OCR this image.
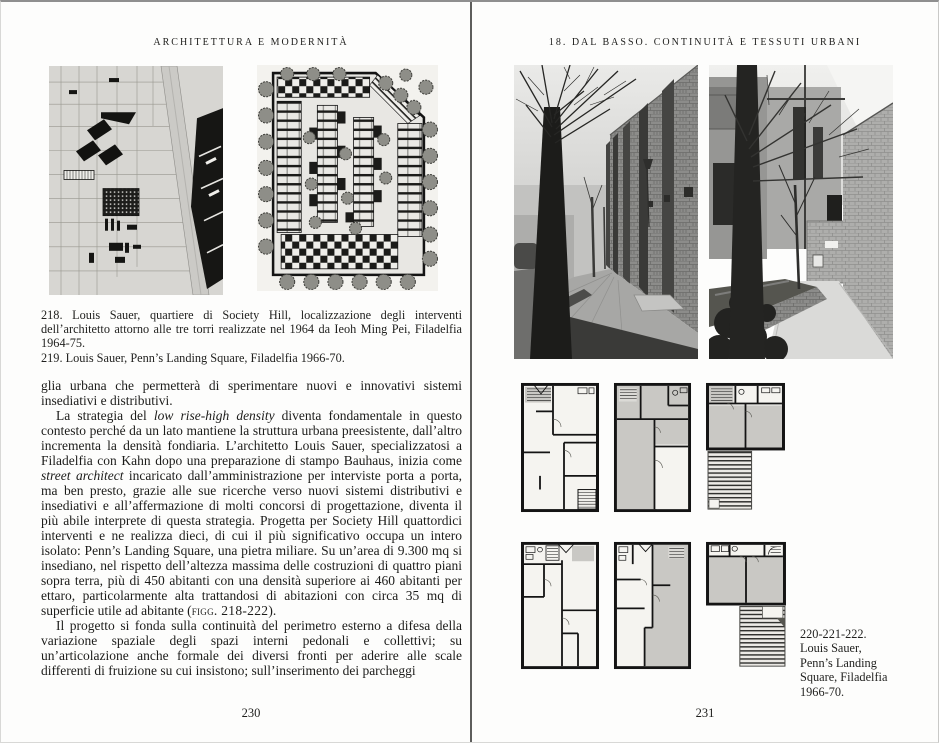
ARCHITETTURA E MODERNITÀ

218. Louis Sauer, quartiere di Society Hill, localizzazione degli interventi dell’architetto attorno alle tre torri realizzate nel 1964 da Ieoh Ming Pei, Filadelfia 1964-75.

219. Louis Sauer, Penn’s Landing Square, Filadelfia 1966-70.

glia urbana che permetterà di sperimentare nuovi e innovativi sistemi insediativi e distributivi.

La strategia del low rise-high density diventa fondamentale in questo contesto perché da un lato mantiene la struttura urbana preesistente, dall’altro incrementa la densità fondiaria. L’architetto Louis Sauer, specializzatosi a Filadelfia con Kahn dopo una preparazione di stampo Bauhaus, inizia come street architect incaricato dall’amministrazione per interviste porta a porta, ma ben presto, grazie alle sue ricerche verso nuovi sistemi distributivi e insediativi e all’affermazione di molti concorsi di progettazione, diventa il più abile interprete di questa strategia. Progetta per Society Hill quattordici interventi e ne realizza dieci, di cui il più significativo occupa un intero isolato: Penn’s Landing Square, una pietra miliare. Su un’area di 9.300 mq si insediano, nel rispetto dell’altezza massima delle costruzioni di quattro piani sopra terra, più di 450 abitanti con una densità superiore ai 460 abitanti per ettaro, particolarmente alta trattandosi di abitazioni con circa 35 mq di superficie utile ad abitante (figg. 218-222).

Il progetto si fonda sulla continuità del perimetro esterno a difesa della variazione spaziale degli spazi interni pedonali e collettivi; su un’articolazione anche formale dei diversi fronti per aderire alle scale differenti di fruizione su cui insistono; sull’inserimento dei parcheggi

230
18. DAL BASSO. CONTINUITÀ E TESSUTI URBANI
220-221-222. Louis Sauer, Penn’s Landing Square, Filadelfia 1966-70.
231
